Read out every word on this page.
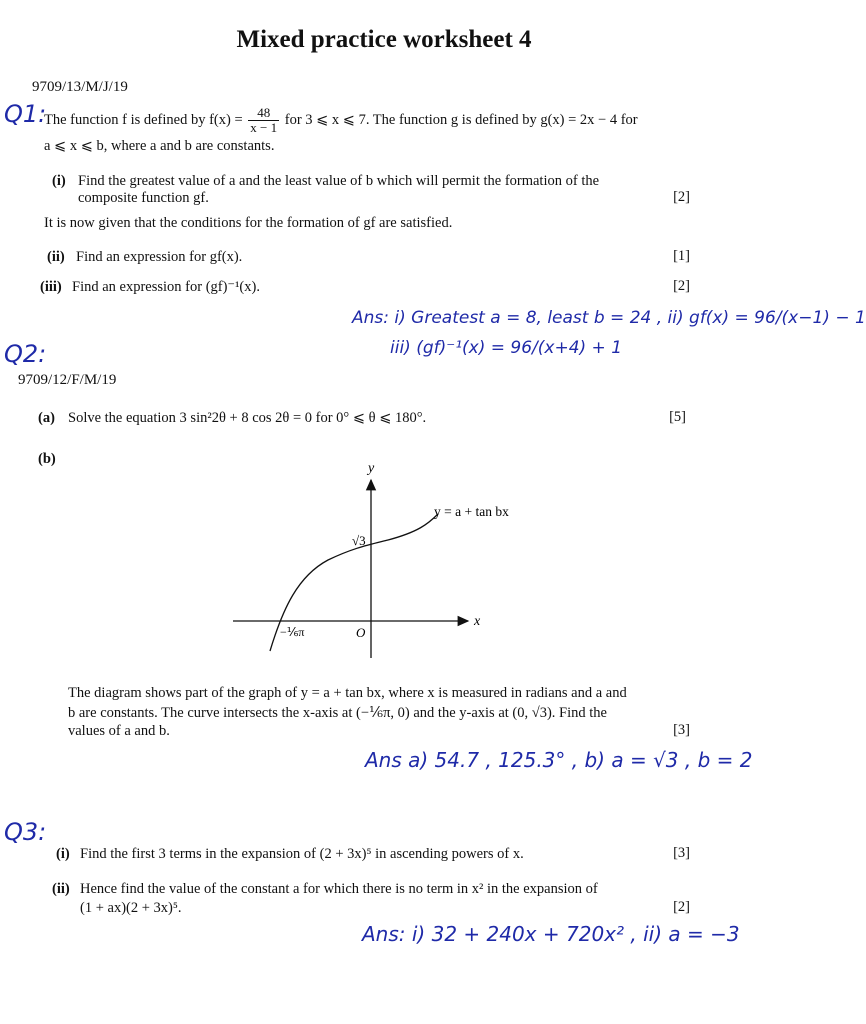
Mixed practice worksheet 4
Q1:
9709/13/M/J/19
The function f is defined by $f(x) = \frac{48}{x - 1}$ for 3 ⩽ x ⩽ 7. The function g is defined by g(x) = 2x − 4 for
a ⩽ x ⩽ b, where a and b are constants.
(i) Find the greatest value of a and the least value of b which will permit the formation of the
composite function gf.	[2]
It is now given that the conditions for the formation of gf are satisfied.
(ii) Find an expression for gf(x).	[1]
(iii) Find an expression for (gf)⁻¹(x).	[2]
Ans: i) Greatest a = 8, least b = 24 , ii) gf(x) = 96/(x−1) − 1
iii) (gf)⁻¹(x) = 96/(x+4) + 1
Q2:
9709/12/F/M/19
(a) Solve the equation 3 sin²2θ + 8 cos 2θ = 0 for 0° ⩽ θ ⩽ 180°.	[5]
(b)
y
x
y = a + tan bx
√3
O
−⅙π
The diagram shows part of the graph of y = a + tan bx, where x is measured in radians and a and
b are constants. The curve intersects the x-axis at (−⅙π, 0) and the y-axis at (0, √3). Find the
values of a and b.	[3]
Ans a) 54.7 , 125.3° , b) a = √3 , b = 2
Q3:
(i) Find the first 3 terms in the expansion of (2 + 3x)⁵ in ascending powers of x.	[3]
(ii) Hence find the value of the constant a for which there is no term in x² in the expansion of
(1 + ax)(2 + 3x)⁵.	[2]
Ans: i) 32 + 240x + 720x² , ii) a = −3
